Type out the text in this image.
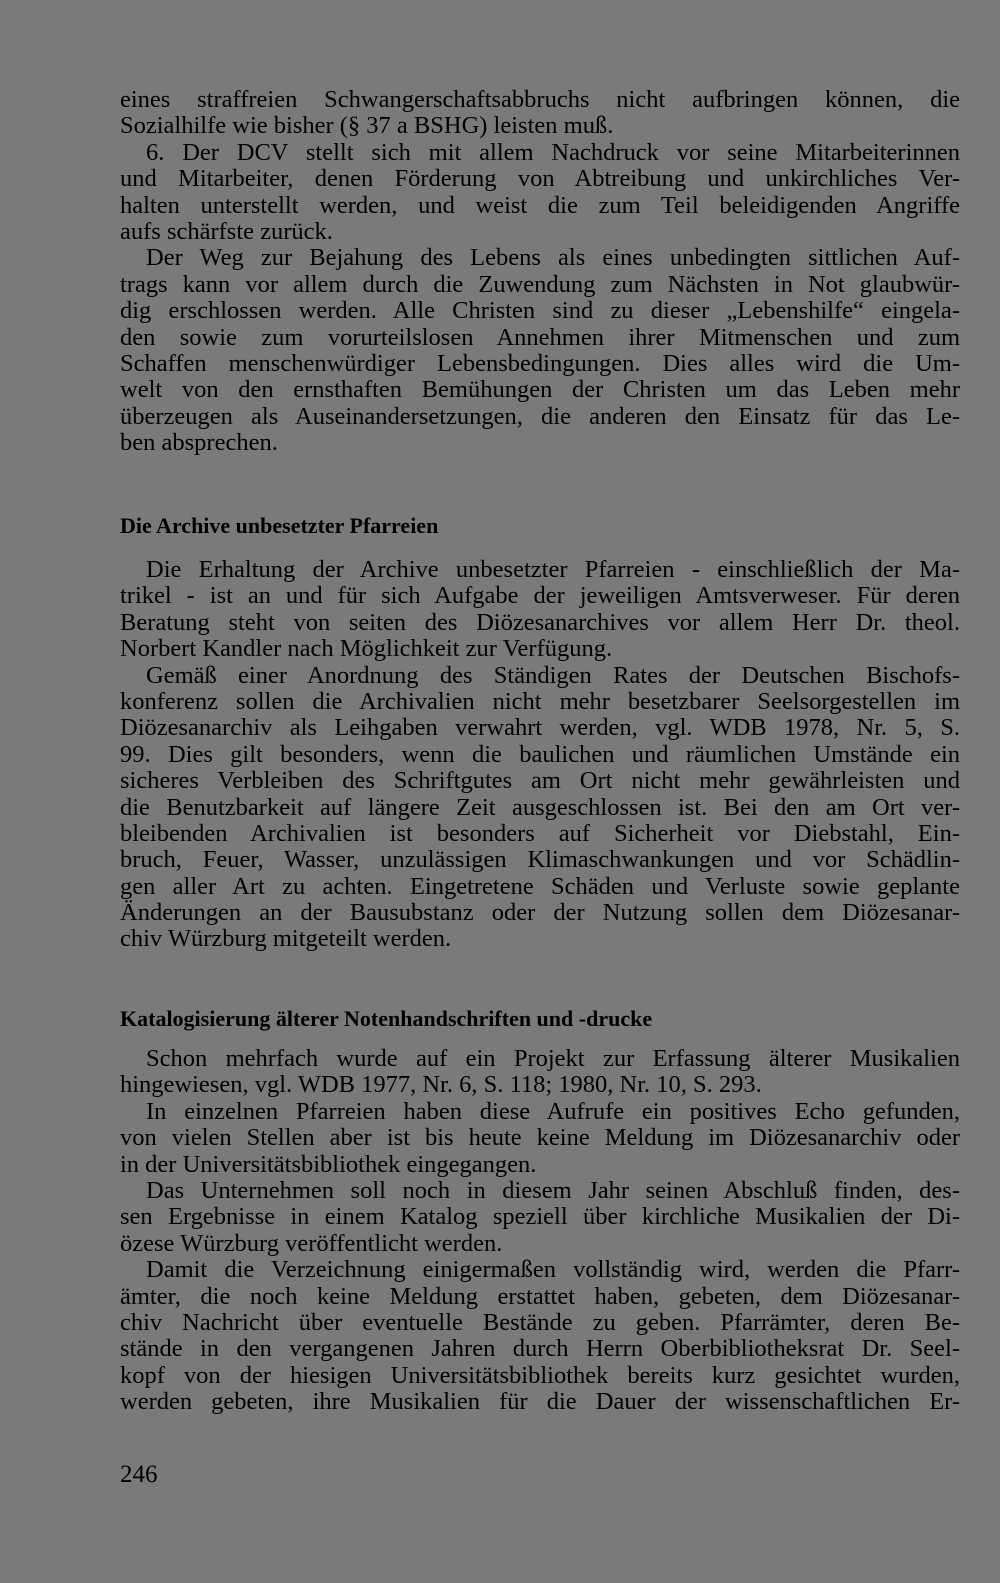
eines straffreien Schwangerschaftsabbruchs nicht aufbringen können, die
Sozialhilfe wie bisher (§ 37 a BSHG) leisten muß.
6. Der DCV stellt sich mit allem Nachdruck vor seine Mitarbeiterinnen
und Mitarbeiter, denen Förderung von Abtreibung und unkirchliches Ver-
halten unterstellt werden, und weist die zum Teil beleidigenden Angriffe
aufs schärfste zurück.
Der Weg zur Bejahung des Lebens als eines unbedingten sittlichen Auf-
trags kann vor allem durch die Zuwendung zum Nächsten in Not glaubwür-
dig erschlossen werden. Alle Christen sind zu dieser „Lebenshilfe“ eingela-
den sowie zum vorurteilslosen Annehmen ihrer Mitmenschen und zum
Schaffen menschenwürdiger Lebensbedingungen. Dies alles wird die Um-
welt von den ernsthaften Bemühungen der Christen um das Leben mehr
überzeugen als Auseinandersetzungen, die anderen den Einsatz für das Le-
ben absprechen.
Die Archive unbesetzter Pfarreien
Die Erhaltung der Archive unbesetzter Pfarreien - einschließlich der Ma-
trikel - ist an und für sich Aufgabe der jeweiligen Amtsverweser. Für deren
Beratung steht von seiten des Diözesanarchives vor allem Herr Dr. theol.
Norbert Kandler nach Möglichkeit zur Verfügung.
Gemäß einer Anordnung des Ständigen Rates der Deutschen Bischofs-
konferenz sollen die Archivalien nicht mehr besetzbarer Seelsorgestellen im
Diözesanarchiv als Leihgaben verwahrt werden, vgl. WDB 1978, Nr. 5, S.
99. Dies gilt besonders, wenn die baulichen und räumlichen Umstände ein
sicheres Verbleiben des Schriftgutes am Ort nicht mehr gewährleisten und
die Benutzbarkeit auf längere Zeit ausgeschlossen ist. Bei den am Ort ver-
bleibenden Archivalien ist besonders auf Sicherheit vor Diebstahl, Ein-
bruch, Feuer, Wasser, unzulässigen Klimaschwankungen und vor Schädlin-
gen aller Art zu achten. Eingetretene Schäden und Verluste sowie geplante
Änderungen an der Bausubstanz oder der Nutzung sollen dem Diözesanar-
chiv Würzburg mitgeteilt werden.
Katalogisierung älterer Notenhandschriften und -drucke
Schon mehrfach wurde auf ein Projekt zur Erfassung älterer Musikalien
hingewiesen, vgl. WDB 1977, Nr. 6, S. 118; 1980, Nr. 10, S. 293.
In einzelnen Pfarreien haben diese Aufrufe ein positives Echo gefunden,
von vielen Stellen aber ist bis heute keine Meldung im Diözesanarchiv oder
in der Universitätsbibliothek eingegangen.
Das Unternehmen soll noch in diesem Jahr seinen Abschluß finden, des-
sen Ergebnisse in einem Katalog speziell über kirchliche Musikalien der Di-
özese Würzburg veröffentlicht werden.
Damit die Verzeichnung einigermaßen vollständig wird, werden die Pfarr-
ämter, die noch keine Meldung erstattet haben, gebeten, dem Diözesanar-
chiv Nachricht über eventuelle Bestände zu geben. Pfarrämter, deren Be-
stände in den vergangenen Jahren durch Herrn Oberbibliotheksrat Dr. Seel-
kopf von der hiesigen Universitätsbibliothek bereits kurz gesichtet wurden,
werden gebeten, ihre Musikalien für die Dauer der wissenschaftlichen Er-
246
